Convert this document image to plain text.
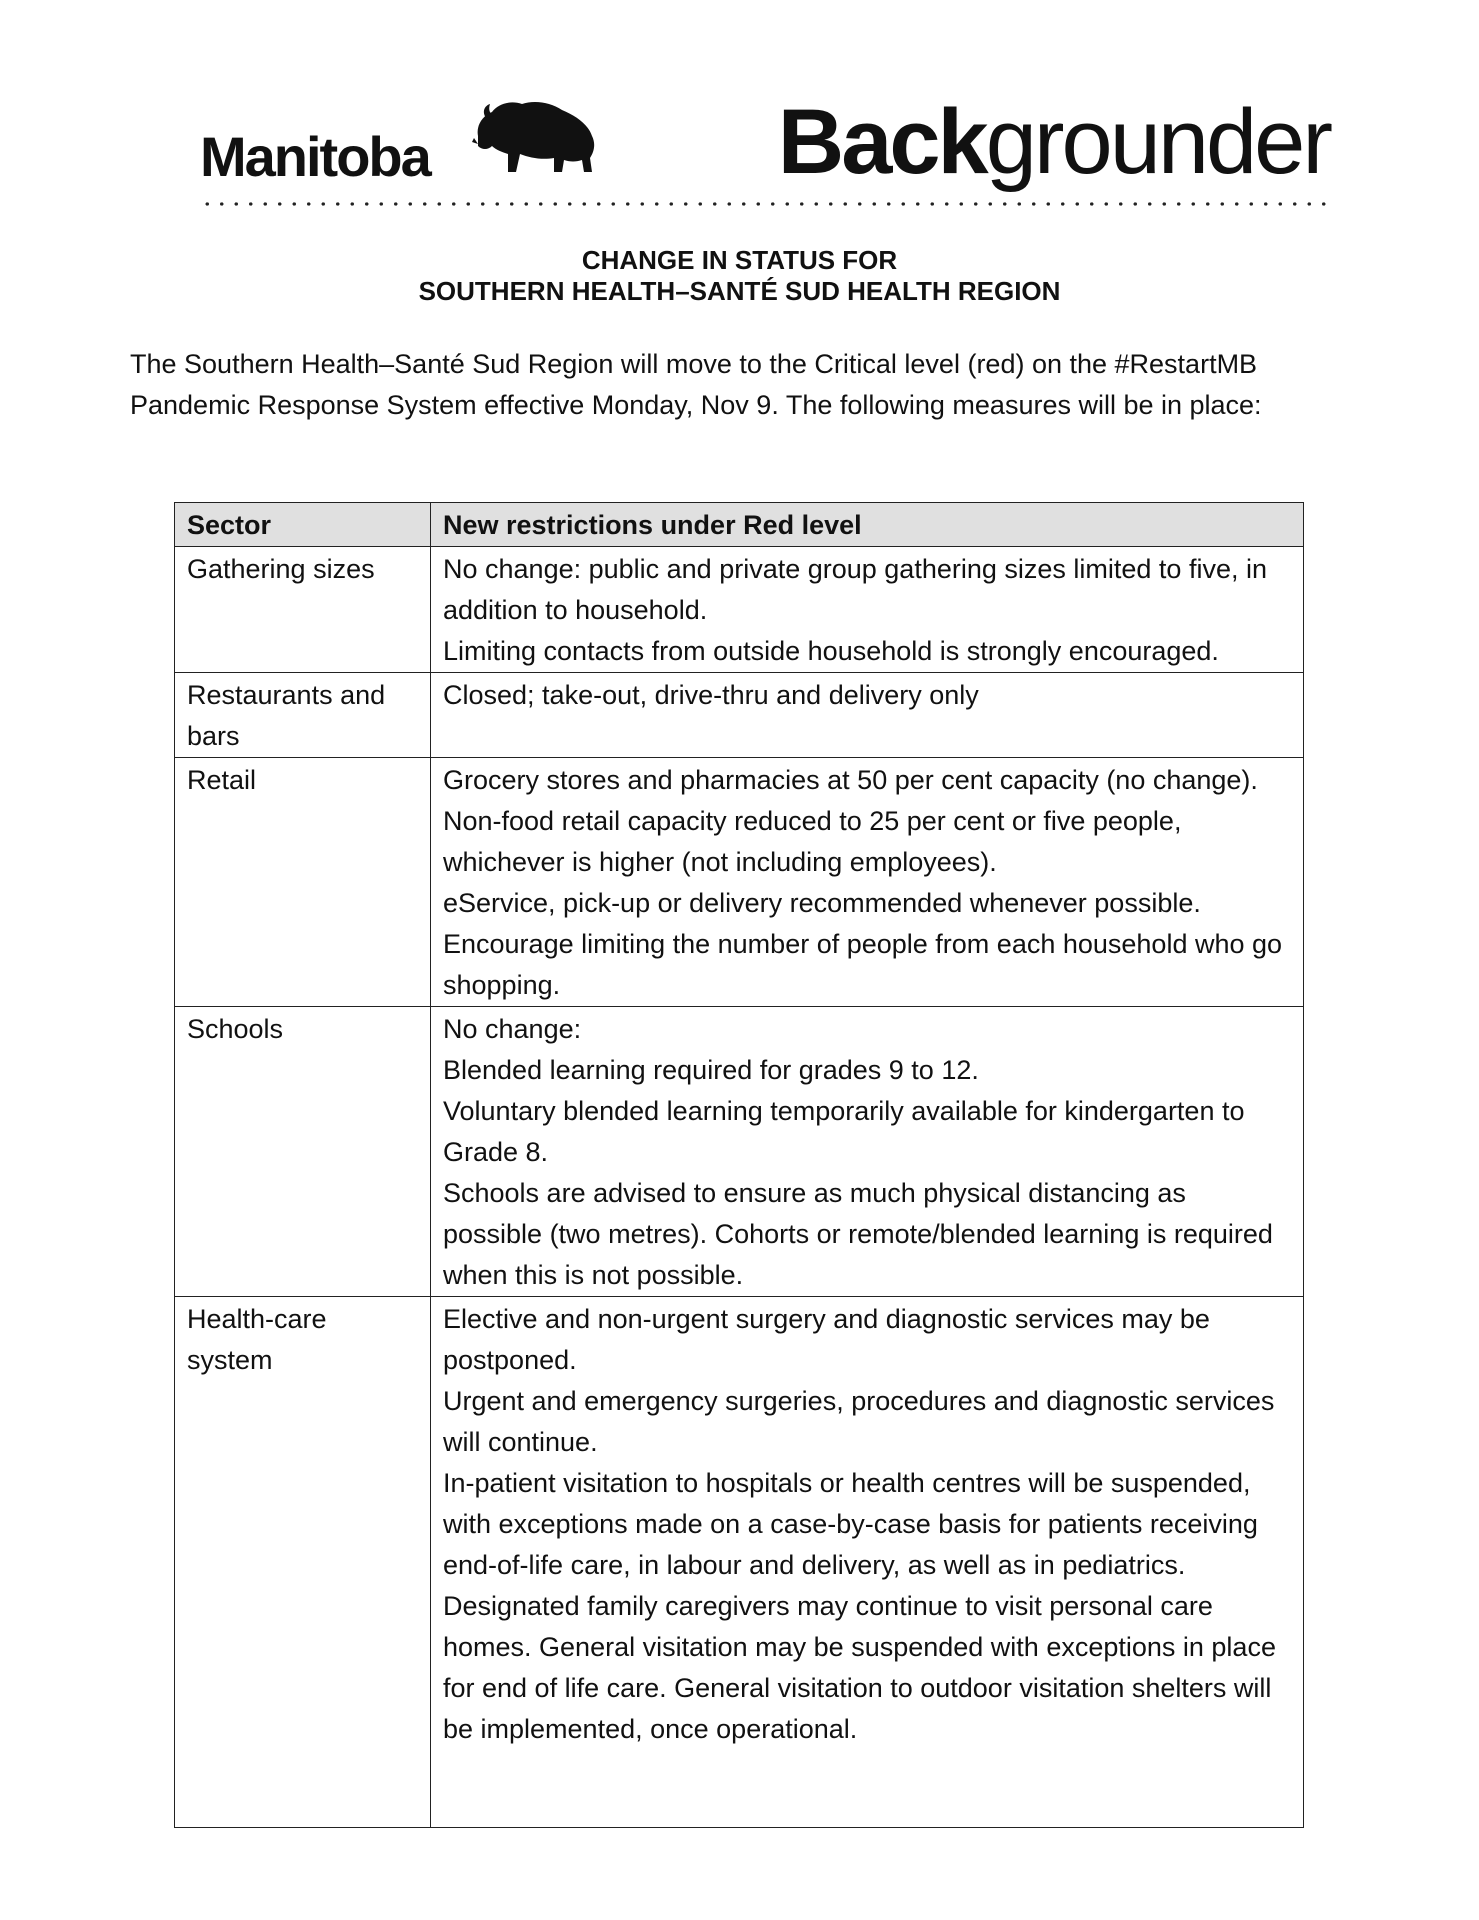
Manitoba	Backgrounder
CHANGE IN STATUS FOR
SOUTHERN HEALTH–SANTÉ SUD HEALTH REGION
The Southern Health–Santé Sud Region will move to the Critical level (red) on the #RestartMB Pandemic Response System effective Monday, Nov 9. The following measures will be in place:
Sector	New restrictions under Red level
Gathering sizes	No change: public and private group gathering sizes limited to five, in addition to household.
Limiting contacts from outside household is strongly encouraged.

Restaurants and bars	Closed; take-out, drive-thru and delivery only

Retail	Grocery stores and pharmacies at 50 per cent capacity (no change).
Non-food retail capacity reduced to 25 per cent or five people, whichever is higher (not including employees).
eService, pick-up or delivery recommended whenever possible.
Encourage limiting the number of people from each household who go shopping.

Schools	No change:
Blended learning required for grades 9 to 12.
Voluntary blended learning temporarily available for kindergarten to Grade 8.
Schools are advised to ensure as much physical distancing as possible (two metres). Cohorts or remote/blended learning is required when this is not possible.

Health-care system	Elective and non-urgent surgery and diagnostic services may be postponed.
Urgent and emergency surgeries, procedures and diagnostic services will continue.
In-patient visitation to hospitals or health centres will be suspended, with exceptions made on a case-by-case basis for patients receiving end-of-life care, in labour and delivery, as well as in pediatrics.
Designated family caregivers may continue to visit personal care homes. General visitation may be suspended with exceptions in place for end of life care. General visitation to outdoor visitation shelters will be implemented, once operational.
